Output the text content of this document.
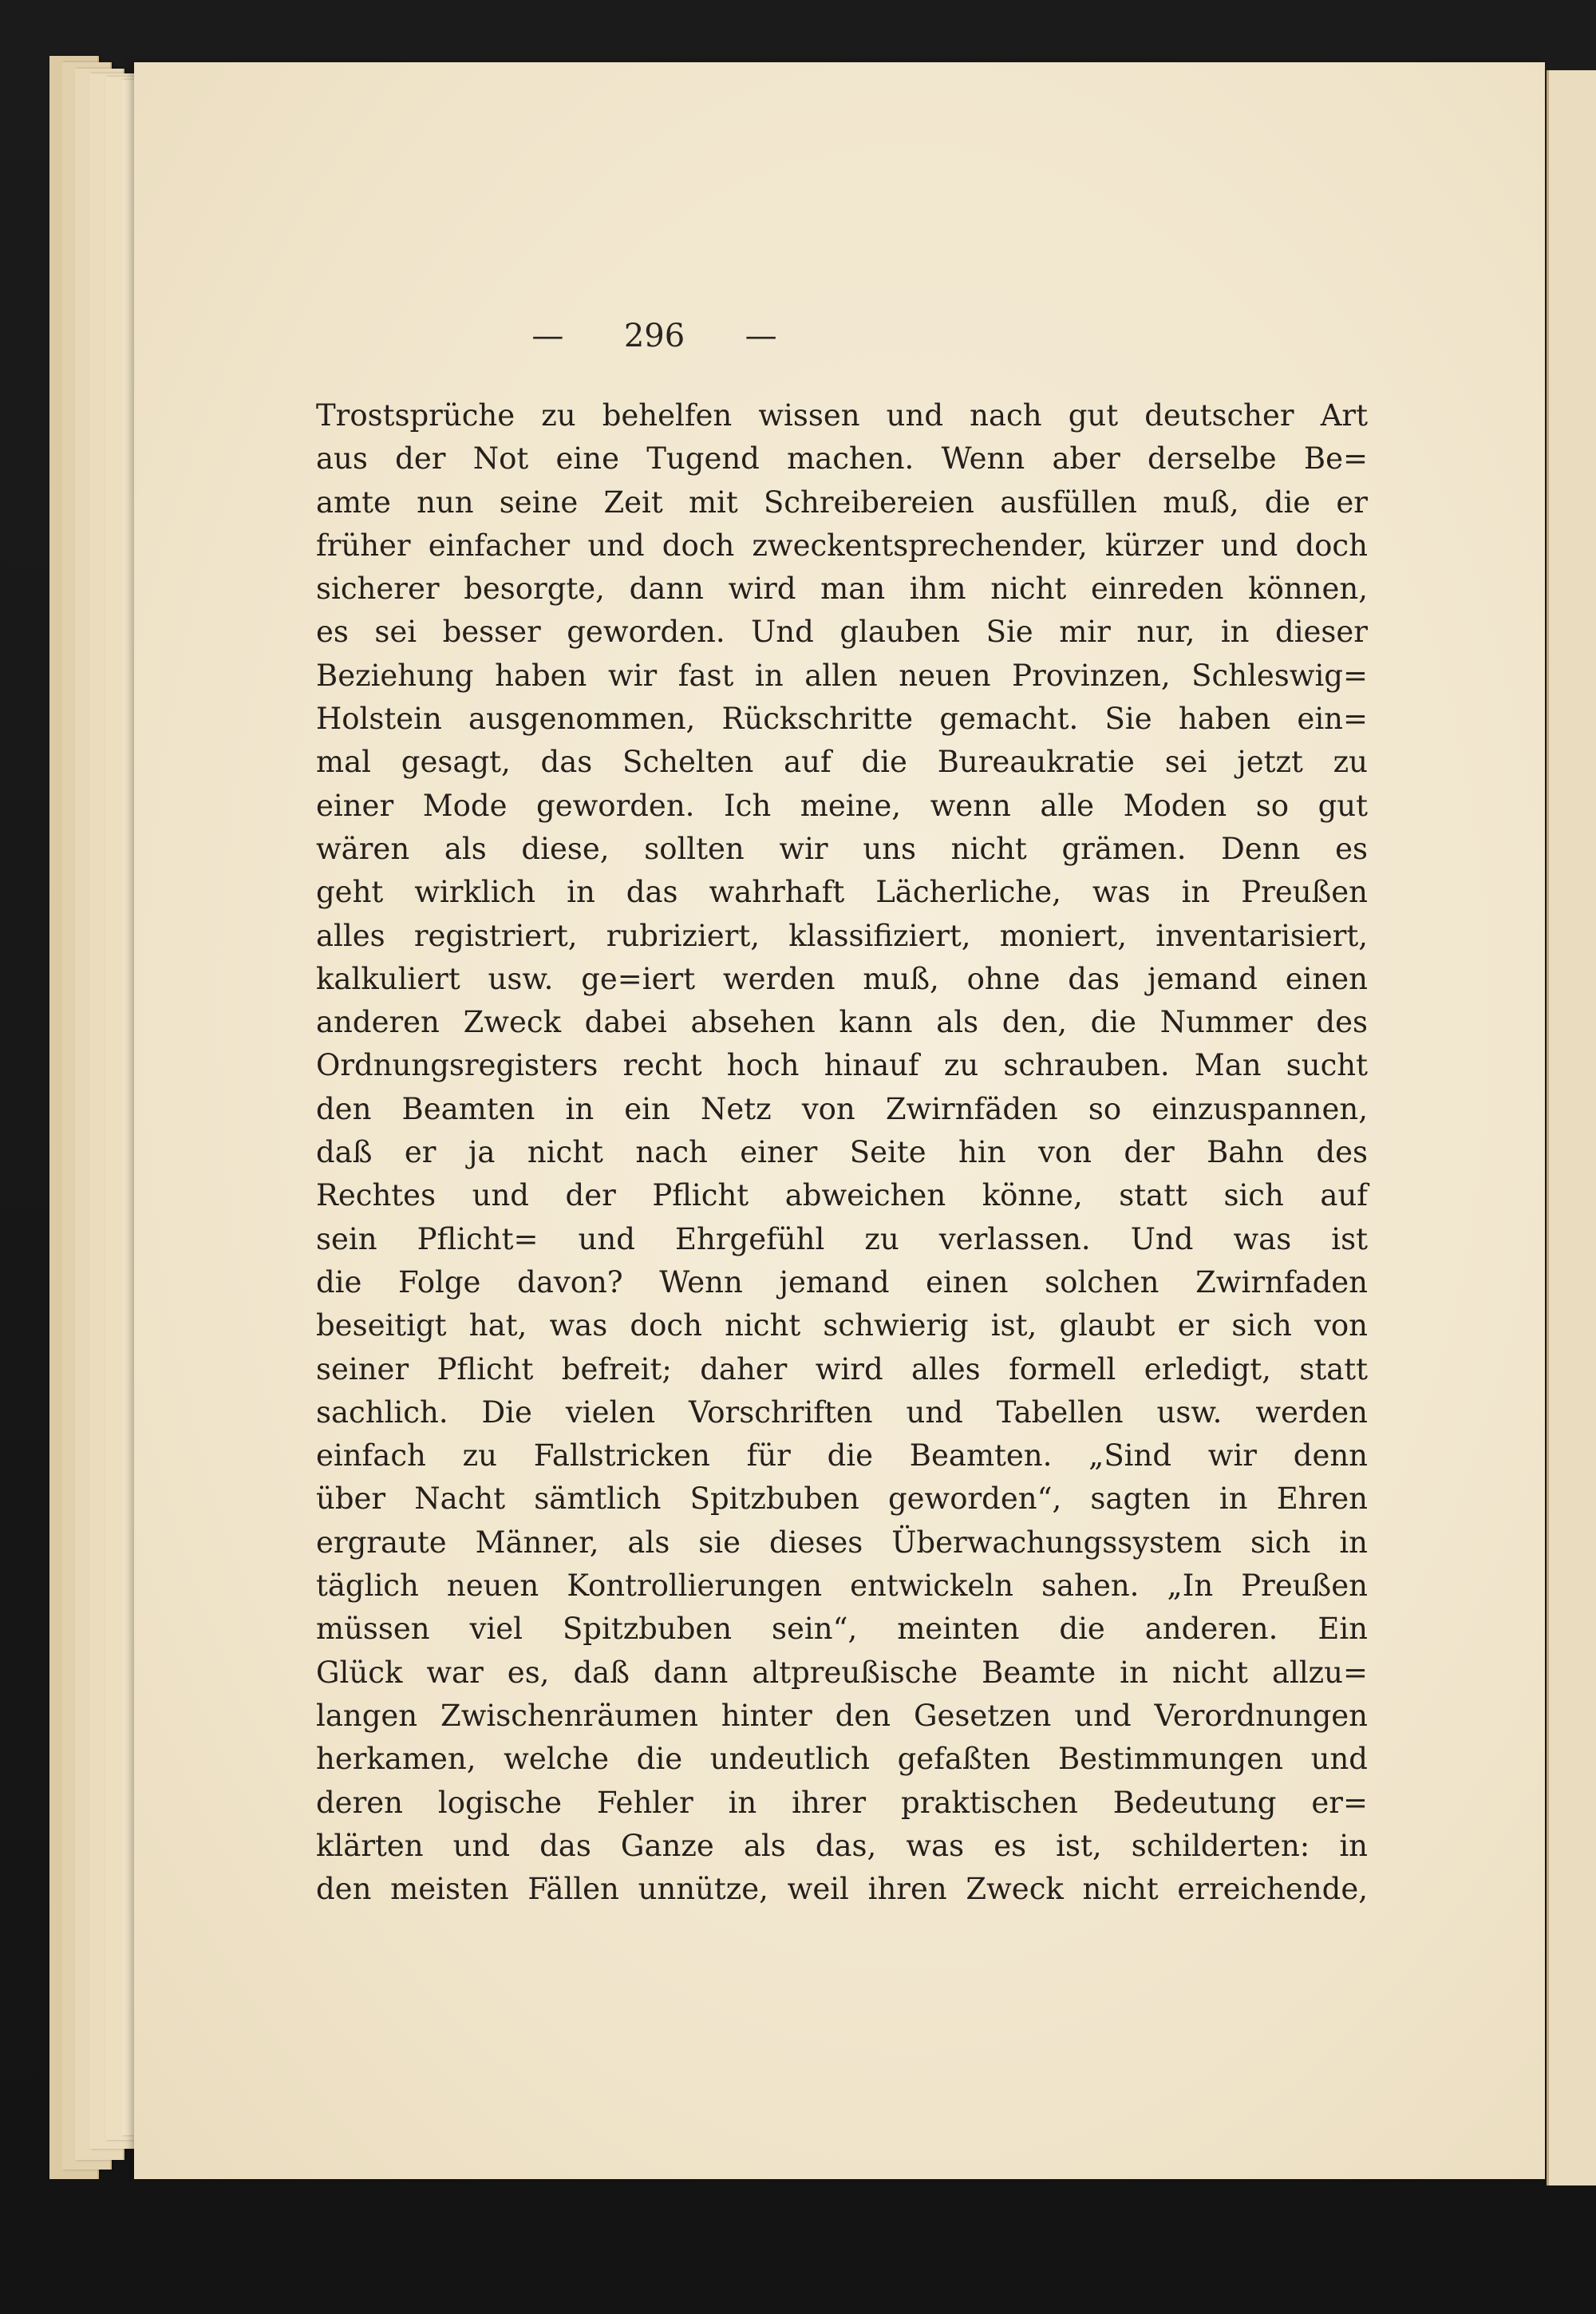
— 296 —
Trostsprüche zu behelfen wissen und nach gut deutscher Art
aus der Not eine Tugend machen. Wenn aber derselbe Be=
amte nun seine Zeit mit Schreibereien ausfüllen muß, die er
früher einfacher und doch zweckentsprechender, kürzer und doch
sicherer besorgte, dann wird man ihm nicht einreden können,
es sei besser geworden. Und glauben Sie mir nur, in dieser
Beziehung haben wir fast in allen neuen Provinzen, Schleswig=
Holstein ausgenommen, Rückschritte gemacht. Sie haben ein=
mal gesagt, das Schelten auf die Bureaukratie sei jetzt zu
einer Mode geworden. Ich meine, wenn alle Moden so gut
wären als diese, sollten wir uns nicht grämen. Denn es
geht wirklich in das wahrhaft Lächerliche, was in Preußen
alles registriert, rubriziert, klassifiziert, moniert, inventarisiert,
kalkuliert usw. ge=iert werden muß, ohne das jemand einen
anderen Zweck dabei absehen kann als den, die Nummer des
Ordnungsregisters recht hoch hinauf zu schrauben. Man sucht
den Beamten in ein Netz von Zwirnfäden so einzuspannen,
daß er ja nicht nach einer Seite hin von der Bahn des
Rechtes und der Pflicht abweichen könne, statt sich auf
sein Pflicht= und Ehrgefühl zu verlassen. Und was ist
die Folge davon? Wenn jemand einen solchen Zwirnfaden
beseitigt hat, was doch nicht schwierig ist, glaubt er sich von
seiner Pflicht befreit; daher wird alles formell erledigt, statt
sachlich. Die vielen Vorschriften und Tabellen usw. werden
einfach zu Fallstricken für die Beamten. „Sind wir denn
über Nacht sämtlich Spitzbuben geworden“, sagten in Ehren
ergraute Männer, als sie dieses Überwachungssystem sich in
täglich neuen Kontrollierungen entwickeln sahen. „In Preußen
müssen viel Spitzbuben sein“, meinten die anderen. Ein
Glück war es, daß dann altpreußische Beamte in nicht allzu=
langen Zwischenräumen hinter den Gesetzen und Verordnungen
herkamen, welche die undeutlich gefaßten Bestimmungen und
deren logische Fehler in ihrer praktischen Bedeutung er=
klärten und das Ganze als das, was es ist, schilderten: in
den meisten Fällen unnütze, weil ihren Zweck nicht erreichende,
